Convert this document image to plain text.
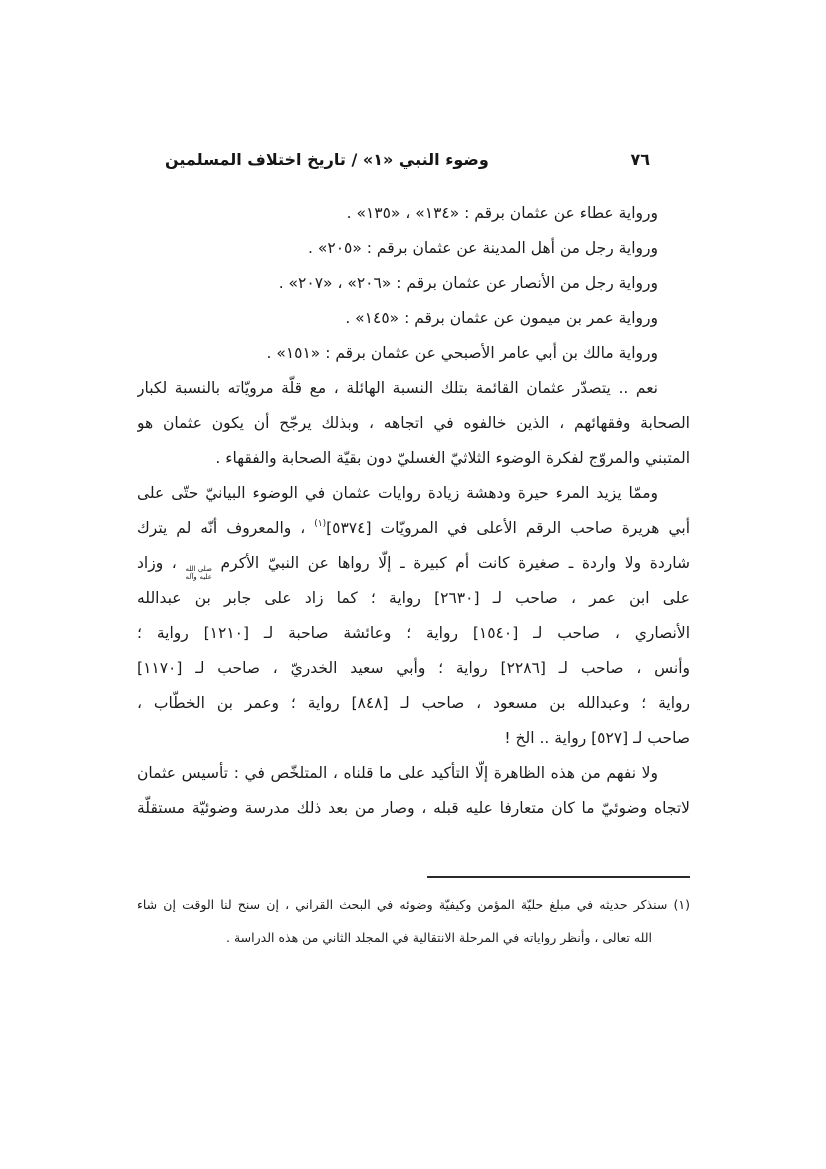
وضوء النبي «١» / تاريخ اختلاف المسلمين	٧٦
ورواية عطاء عن عثمان برقم : «١٣٤» ، «١٣٥» .
ورواية رجل من أهل المدينة عن عثمان برقم : «٢٠٥» .
ورواية رجل من الأنصار عن عثمان برقم : «٢٠٦» ، «٢٠٧» .
ورواية عمر بن ميمون عن عثمان برقم : «١٤٥» .
ورواية مالك بن أبي عامر الأصبحي عن عثمان برقم : «١٥١» .
نعم .. يتصدّر عثمان القائمة بتلك النسبة الهائلة ، مع قلّة مرويّاته بالنسبة لكبار
الصحابة وفقهائهم ، الذين خالفوه في اتجاهه ، وبذلك يرجّح أن يكون عثمان هو
المتبني والمروّج لفكرة الوضوء الثلاثيّ الغسليّ دون بقيّة الصحابة والفقهاء .
وممّا يزيد المرء حيرة ودهشة زيادة روايات عثمان في الوضوء البيانيّ حتّى على
أبي هريرة صاحب الرقم الأعلى في المرويّات [٥٣٧٤]$^{(١)}$ ، والمعروف أنّه لم يترك
شاردة ولا واردة ـ صغيرة كانت أم كبيرة ـ إلّا رواها عن النبيّ الأكرم
صلى الله
عليه وآله
، وزاد
على ابن عمر ، صاحب لـ [٢٦٣٠] رواية ؛ كما زاد على جابر بن عبدالله
الأنصاري ، صاحب لـ [١٥٤٠] رواية ؛ وعائشة صاحبة لـ [١٢١٠] رواية ؛
وأنس ، صاحب لـ [٢٢٨٦] رواية ؛ وأبي سعيد الخدريّ ، صاحب لـ [١١٧٠]
رواية ؛ وعبدالله بن مسعود ، صاحب لـ [٨٤٨] رواية ؛ وعمر بن الخطّاب ،
صاحب لـ [٥٢٧] رواية .. الخ !
ولا نفهم من هذه الظاهرة إلّا التأكيد على ما قلناه ، المتلخّص في : تأسيس عثمان
لاتجاه وضوئيّ ما كان متعارفا عليه قبله ، وصار من بعد ذلك مدرسة وضوئيّة مستقلّة
(١) سنذكر حديثه في مبلغ حليّة المؤمن وكيفيّة وضوئه في البحث القراني ، إن سنح لنا الوقت إن شاء
الله تعالى ، وأنظر رواياته في المرحلة الانتقالية في المجلد الثاني من هذه الدراسة .
